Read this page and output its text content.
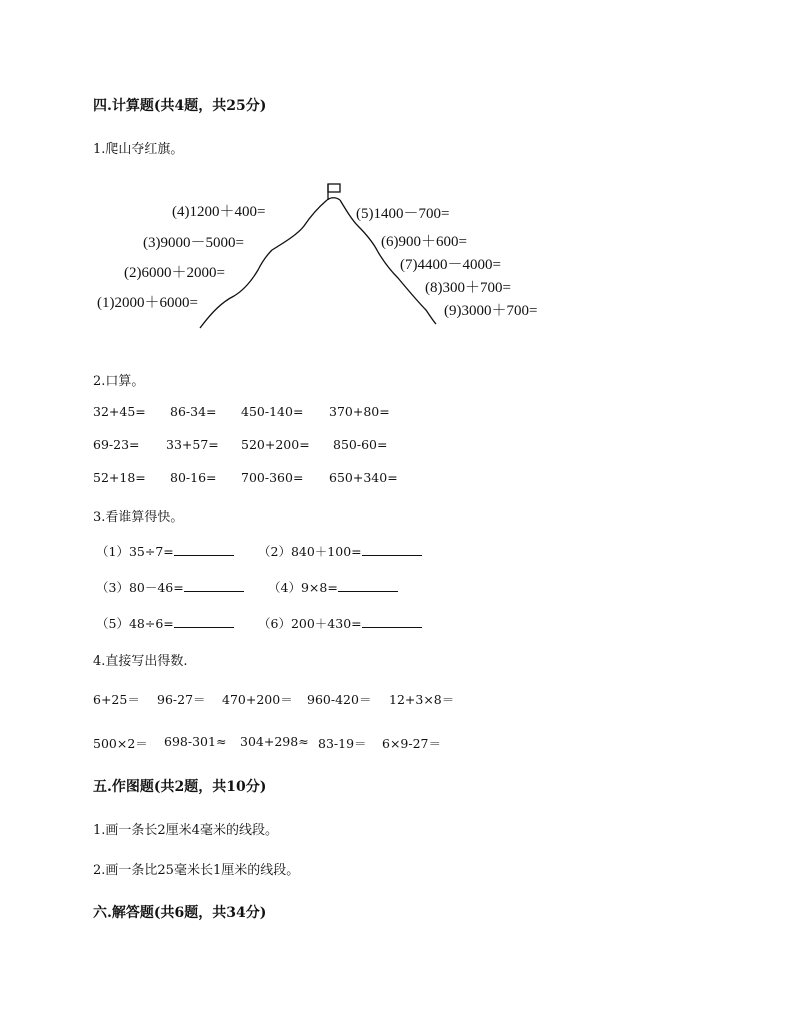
四.计算题(共4题，共25分)
1.爬山夺红旗。
(4)1200＋400=
(3)9000－5000=
(2)6000＋2000=
(1)2000＋6000=
(5)1400－700=
(6)900＋600=
(7)4400－4000=
(8)300＋700=
(9)3000＋700=
2.口算。
32+45= 86-34= 450-140= 370+80=
69-23= 33+57= 520+200= 850-60=
52+18= 80-16= 700-360= 650+340=
3.看谁算得快。
（1）35÷7=	（2）840＋100=
（3）80－46=	（4）9×8=
（5）48÷6=	（6）200＋430=
4.直接写出得数.
6+25＝ 96-27＝ 470+200＝ 960-420＝ 12+3×8＝
500×2＝ 698-301≈ 304+298≈ 83-19＝ 6×9-27＝
五.作图题(共2题，共10分)
1.画一条长2厘米4毫米的线段。
2.画一条比25毫米长1厘米的线段。
六.解答题(共6题，共34分)
